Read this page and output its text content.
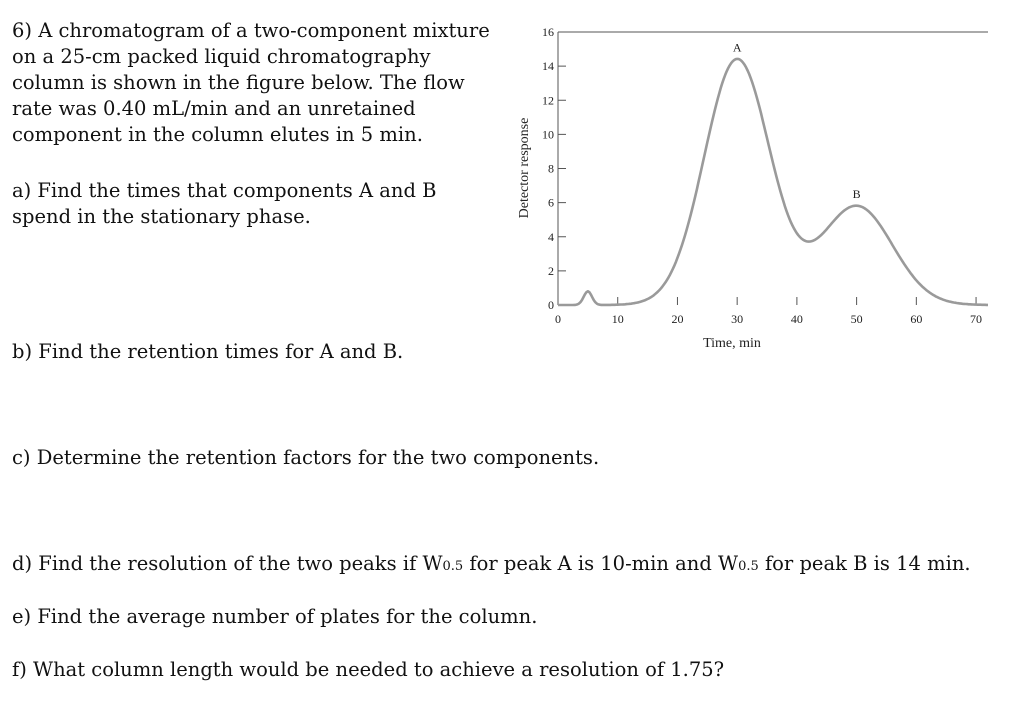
6) A chromatogram of a two-component mixture on a 25-cm packed liquid chromatography column is shown in the figure below. The flow rate was 0.40 mL/min and an unretained component in the column elutes in 5 min.

a) Find the times that components A and B spend in the stationary phase.

b) Find the retention times for A and B.

c) Determine the retention factors for the two components.

d) Find the resolution of the two peaks if W0.5 for peak A is 10-min and W0.5 for peak B is 14 min.

e) Find the average number of plates for the column.

f) What column length would be needed to achieve a resolution of 1.75?

0
2
4
6
8
10
12
14
16
0	10	20	30	40	50	60	70
A
B
Time, min
Detector response
